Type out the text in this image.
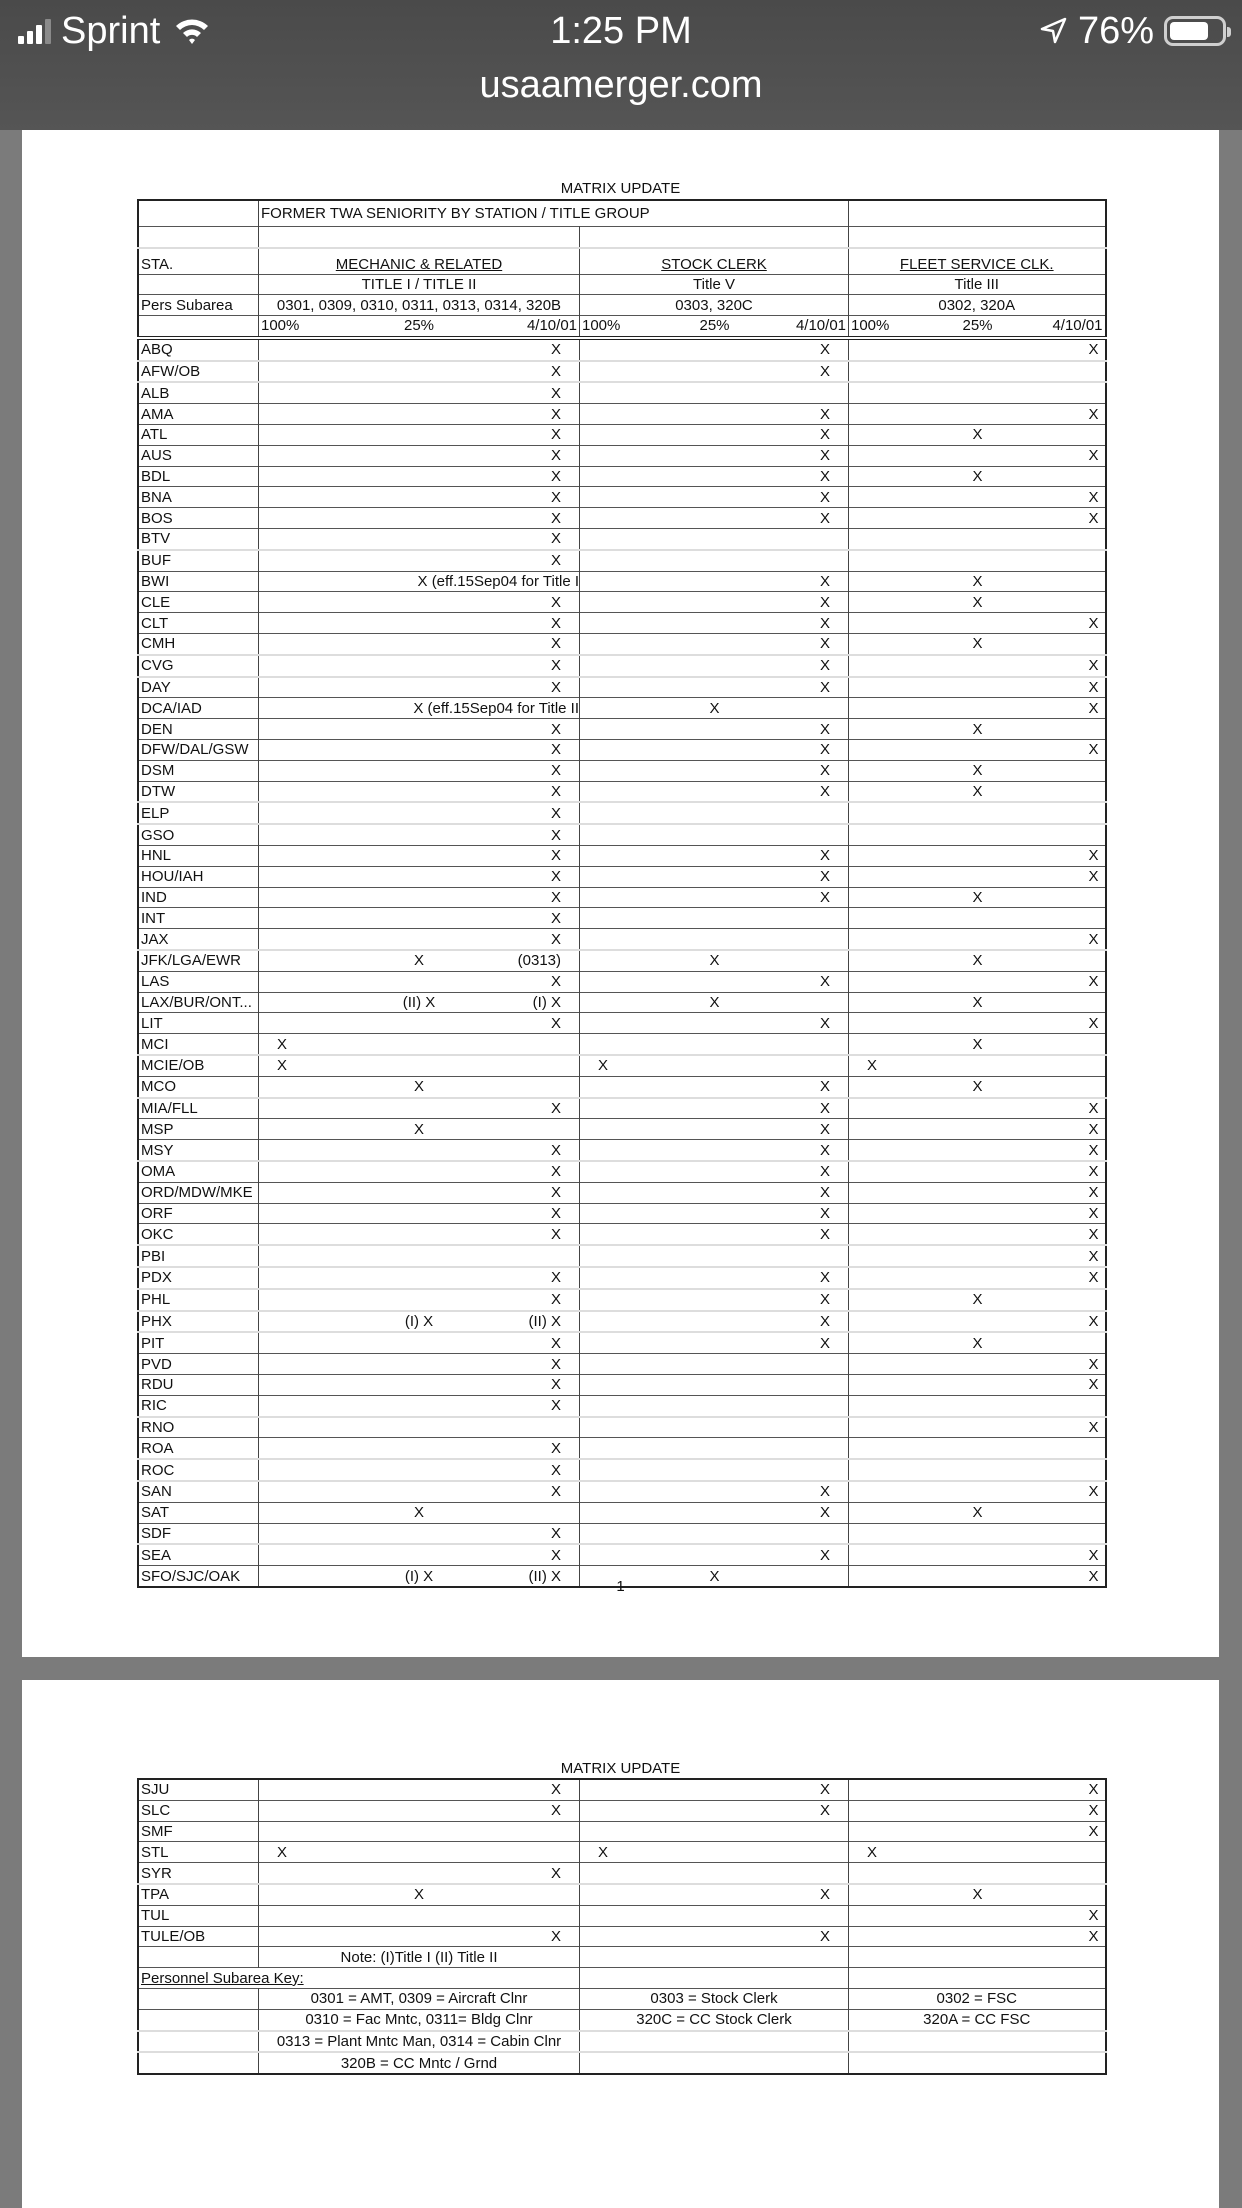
Sprint	1:25 PM	76%
usaamerger.com
MATRIX UPDATE
	FORMER TWA SENIORITY BY STATION / TITLE GROUP								

STA.	MECHANIC & RELATED			STOCK CLERK			FLEET SERVICE CLK.		
	TITLE I / TITLE II			Title V			Title III		
Pers Subarea	0301, 0309, 0310, 0311, 0313, 0314, 320B			0303, 320C			0302, 320A		
	100%	25%	4/10/01	100%	25%	4/10/01	100%	25%	4/10/01
ABQ			X			X			X
AFW/OB			X			X			
ALB			X						
AMA			X			X			X
ATL			X			X		X	
AUS			X			X			X
BDL			X			X		X	
BNA			X			X			X
BOS			X			X			X
BTV			X						
BUF			X						
BWI	X (eff.15Sep04 for Title I					X		X	
CLE			X			X		X	
CLT			X			X			X
CMH			X			X		X	
CVG			X			X			X
DAY			X			X			X
DCA/IAD	X (eff.15Sep04 for Title II				X				X
DEN			X			X		X	
DFW/DAL/GSW			X			X			X
DSM			X			X		X	
DTW			X			X		X	
ELP			X						
GSO			X						
HNL			X			X			X
HOU/IAH			X			X			X
IND			X			X		X	
INT			X						
JAX			X						X
JFK/LGA/EWR		X	(0313)		X			X	
LAS			X			X			X
LAX/BUR/ONT...		(II) X	(I) X		X			X	
LIT			X			X			X
MCI	X							X	
MCIE/OB	X			X			X		
MCO		X				X		X	
MIA/FLL			X			X			X
MSP		X				X			X
MSY			X			X			X
OMA			X			X			X
ORD/MDW/MKE			X			X			X
ORF			X			X			X
OKC			X			X			X
PBI									X
PDX			X			X			X
PHL			X			X		X	
PHX		(I) X	(II) X			X			X
PIT			X			X		X	
PVD			X						X
RDU			X						X
RIC			X						
RNO									X
ROA			X						
ROC			X						
SAN			X			X			X
SAT		X				X		X	
SDF			X						
SEA			X			X			X
SFO/SJC/OAK		(I) X	(II) X		X				X
1
MATRIX UPDATE
SJU			X			X			X
SLC			X			X			X
SMF									X
STL	X			X			X		
SYR			X						
TPA		X				X		X	
TUL									X
TULE/OB			X			X			X
	Note: (I)Title I (II) Title II								
Personnel Subarea Key:									
	0301 = AMT, 0309 = Aircraft Clnr			0303 = Stock Clerk			0302 = FSC		
	0310 = Fac Mntc, 0311= Bldg Clnr			320C = CC Stock Clerk			320A = CC FSC		
	0313 = Plant Mntc Man, 0314 = Cabin Clnr								
	320B = CC Mntc / Grnd								
